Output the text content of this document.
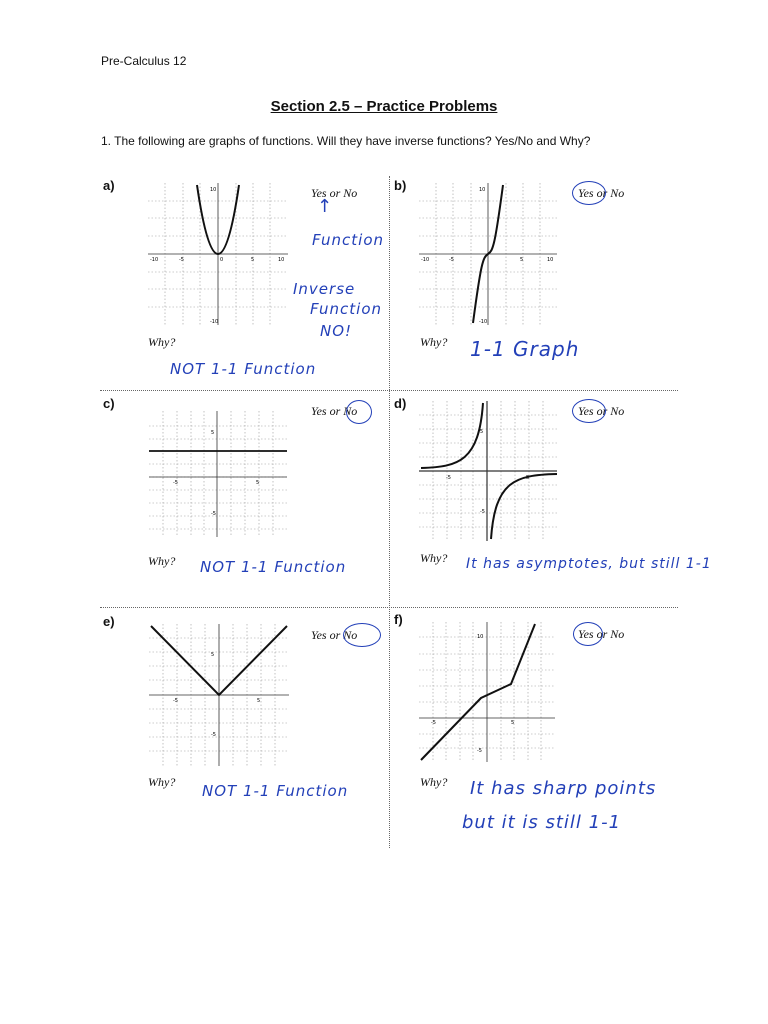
Pre-Calculus 12
Section 2.5 – Practice Problems
1. The following are graphs of functions. Will they have inverse functions? Yes/No and Why?
a)	10
-10	-5	0	5	10
-10
Yes or No
↑
Function
Inverse
Function
NO!
Why?
NOT 1-1 Function
b)	10
-10	-5	5	10
-10
Yes or No
Why? 1-1 Graph
c)
5
-5	5
-5
Yes or No
Why? NOT 1-1 Function
d)
5
-5	5
-5
Yes or No
Why? It has asymptotes, but still 1-1
e)
5
-5	5
-5
Yes or No
Why? NOT 1-1 Function
f)
10
-5	5
-5
Yes or No
Why? It has sharp points
but it is still 1-1
